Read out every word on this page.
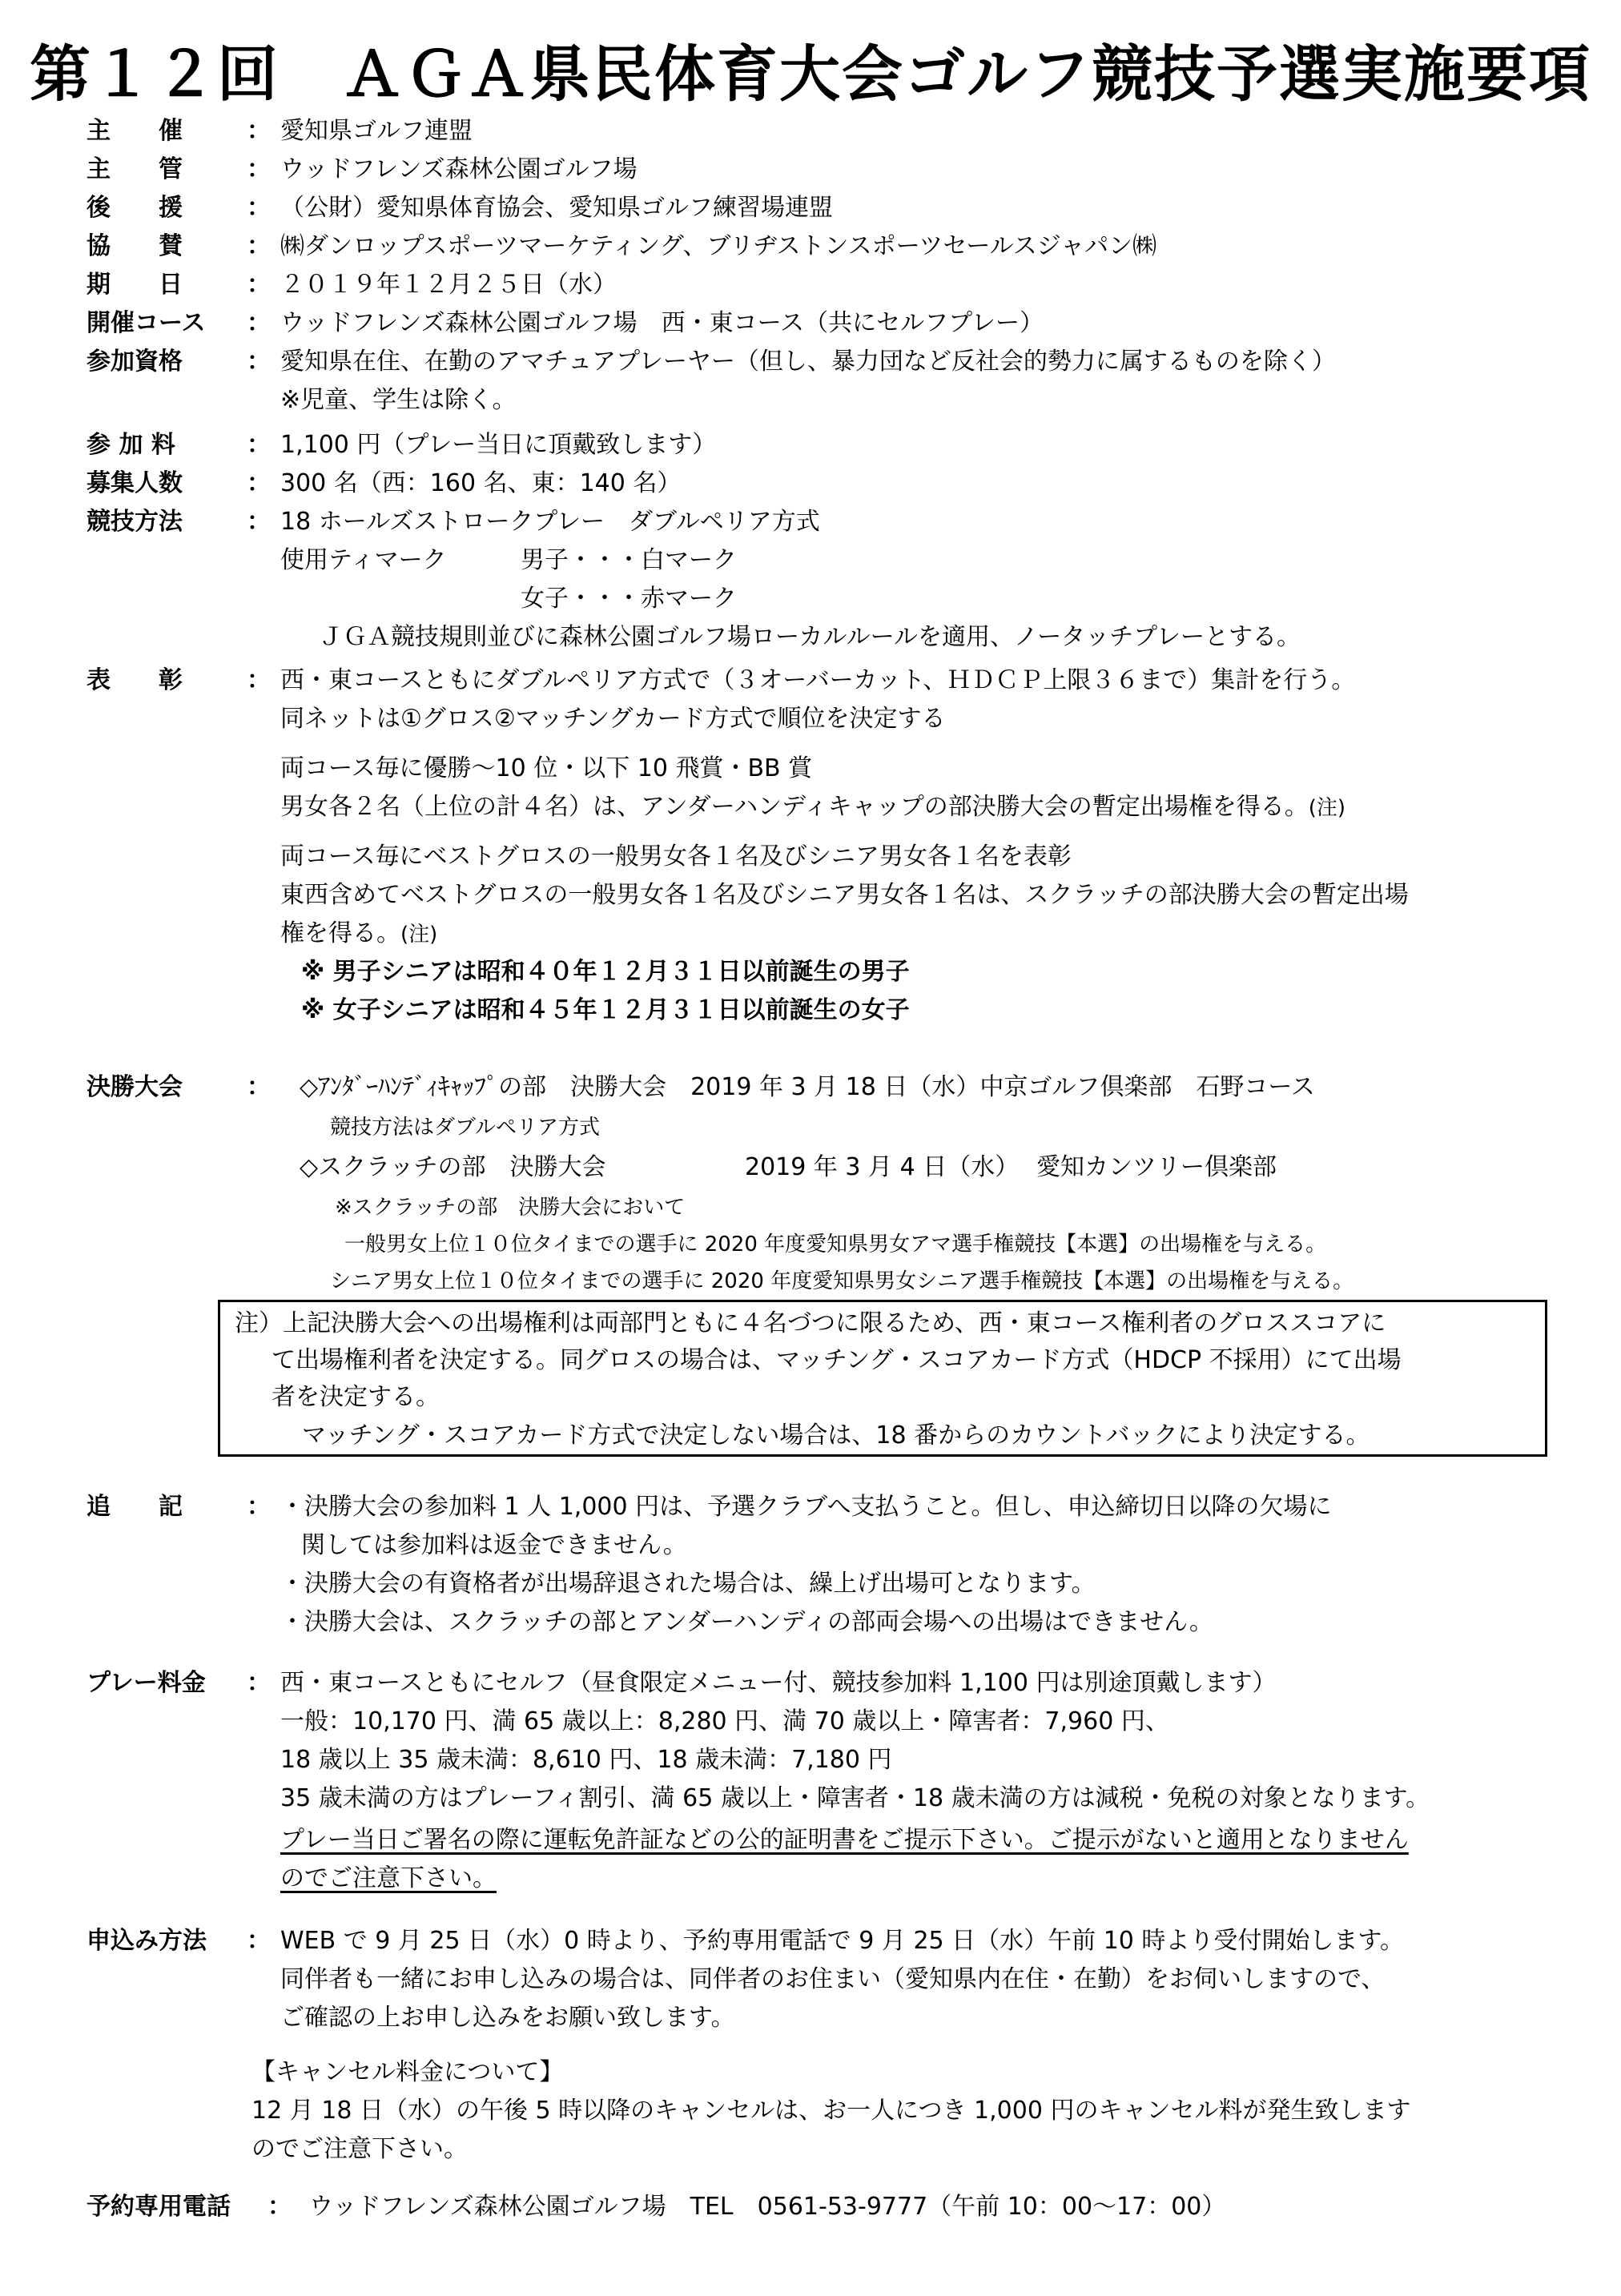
第１２回　ＡＧＡ県民体育大会ゴルフ競技予選実施要項
主　　催	： 愛知県ゴルフ連盟
主　　管	： ウッドフレンズ森林公園ゴルフ場
後　　援	： （公財）愛知県体育協会、愛知県ゴルフ練習場連盟
協　　賛	： ㈱ダンロップスポーツマーケティング、ブリヂストンスポーツセールスジャパン㈱
期　　日	： ２０１９年１２月２５日（水）
開催コース	： ウッドフレンズ森林公園ゴルフ場　西・東コース（共にセルフプレー）
参加資格	： 愛知県在住、在勤のアマチュアプレーヤー（但し、暴力団など反社会的勢力に属するものを除く）
※児童、学生は除く。
参 加 料	： 1,100 円（プレー当日に頂戴致します）
募集人数	： 300 名（西：160 名、東：140 名）
競技方法	： 18 ホールズストロークプレー　ダブルペリア方式
使用ティマーク	男子・・・白マーク
女子・・・赤マーク
ＪＧＡ競技規則並びに森林公園ゴルフ場ローカルルールを適用、ノータッチプレーとする。
表　　彰	： 西・東コースともにダブルペリア方式で（３オーバーカット、ＨＤＣＰ上限３６まで）集計を行う。
同ネットは①グロス②マッチングカード方式で順位を決定する
両コース毎に優勝～10 位・以下 10 飛賞・BB 賞
男女各２名（上位の計４名）は、アンダーハンディキャップの部決勝大会の暫定出場権を得る。(注)
両コース毎にベストグロスの一般男女各１名及びシニア男女各１名を表彰
東西含めてベストグロスの一般男女各１名及びシニア男女各１名は、スクラッチの部決勝大会の暫定出場
権を得る。(注)
※ 男子シニアは昭和４０年１２月３１日以前誕生の男子
※ 女子シニアは昭和４５年１２月３１日以前誕生の女子
決勝大会	： ◇ｱﾝﾀﾞｰﾊﾝﾃﾞｨｷｬｯﾌﾟの部　決勝大会　2019 年 3 月 18 日（水）中京ゴルフ倶楽部　石野コース
競技方法はダブルペリア方式
◇スクラッチの部　決勝大会	2019 年 3 月 4 日（水） 愛知カンツリー倶楽部
※スクラッチの部　決勝大会において
一般男女上位１０位タイまでの選手に 2020 年度愛知県男女アマ選手権競技【本選】の出場権を与える。
シニア男女上位１０位タイまでの選手に 2020 年度愛知県男女シニア選手権競技【本選】の出場権を与える。
注）上記決勝大会への出場権利は両部門ともに４名づつに限るため、西・東コース権利者のグロススコアに
て出場権利者を決定する。同グロスの場合は、マッチング・スコアカード方式（HDCP 不採用）にて出場
者を決定する。
マッチング・スコアカード方式で決定しない場合は、18 番からのカウントバックにより決定する。
追　　記	： ・決勝大会の参加料 1 人 1,000 円は、予選クラブへ支払うこと。但し、申込締切日以降の欠場に
関しては参加料は返金できません。
・決勝大会の有資格者が出場辞退された場合は、繰上げ出場可となります。
・決勝大会は、スクラッチの部とアンダーハンディの部両会場への出場はできません。
プレー料金	： 西・東コースともにセルフ（昼食限定メニュー付、競技参加料 1,100 円は別途頂戴します）
一般：10,170 円、満 65 歳以上：8,280 円、満 70 歳以上・障害者：7,960 円、
18 歳以上 35 歳未満：8,610 円、18 歳未満：7,180 円
35 歳未満の方はプレーフィ割引、満 65 歳以上・障害者・18 歳未満の方は減税・免税の対象となります。
プレー当日ご署名の際に運転免許証などの公的証明書をご提示下さい。ご提示がないと適用となりません
のでご注意下さい。
申込み方法	： WEB で 9 月 25 日（水）0 時より、予約専用電話で 9 月 25 日（水）午前 10 時より受付開始します。
同伴者も一緒にお申し込みの場合は、同伴者のお住まい（愛知県内在住・在勤）をお伺いしますので、
ご確認の上お申し込みをお願い致します。
【キャンセル料金について】
12 月 18 日（水）の午後 5 時以降のキャンセルは、お一人につき 1,000 円のキャンセル料が発生致します
のでご注意下さい。
予約専用電話	： ウッドフレンズ森林公園ゴルフ場　TEL　0561-53-9777（午前 10：00～17：00）
